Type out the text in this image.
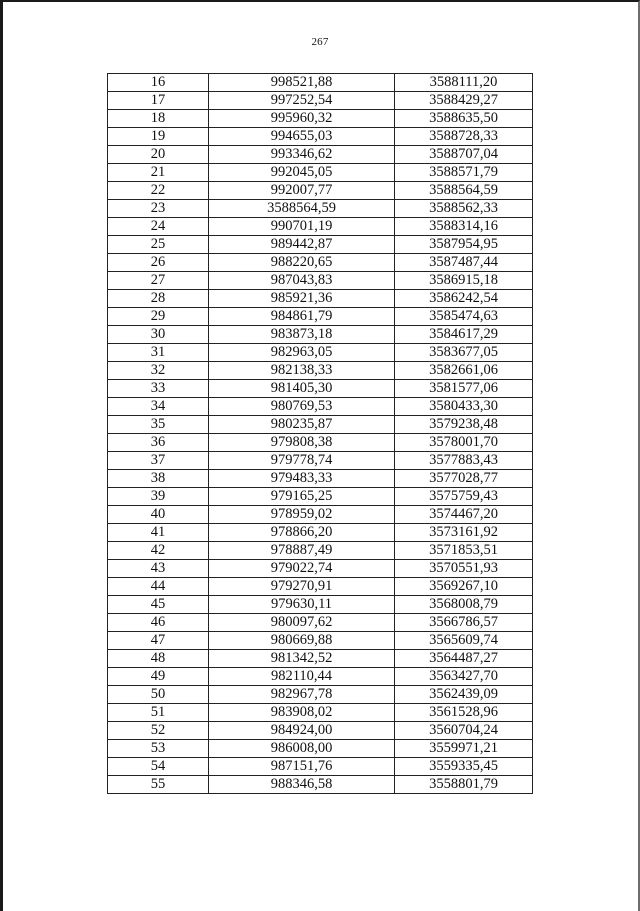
267
16	998521,88	3588111,20
17	997252,54	3588429,27
18	995960,32	3588635,50
19	994655,03	3588728,33
20	993346,62	3588707,04
21	992045,05	3588571,79
22	992007,77	3588564,59
23	3588564,59	3588562,33
24	990701,19	3588314,16
25	989442,87	3587954,95
26	988220,65	3587487,44
27	987043,83	3586915,18
28	985921,36	3586242,54
29	984861,79	3585474,63
30	983873,18	3584617,29
31	982963,05	3583677,05
32	982138,33	3582661,06
33	981405,30	3581577,06
34	980769,53	3580433,30
35	980235,87	3579238,48
36	979808,38	3578001,70
37	979778,74	3577883,43
38	979483,33	3577028,77
39	979165,25	3575759,43
40	978959,02	3574467,20
41	978866,20	3573161,92
42	978887,49	3571853,51
43	979022,74	3570551,93
44	979270,91	3569267,10
45	979630,11	3568008,79
46	980097,62	3566786,57
47	980669,88	3565609,74
48	981342,52	3564487,27
49	982110,44	3563427,70
50	982967,78	3562439,09
51	983908,02	3561528,96
52	984924,00	3560704,24
53	986008,00	3559971,21
54	987151,76	3559335,45
55	988346,58	3558801,79
